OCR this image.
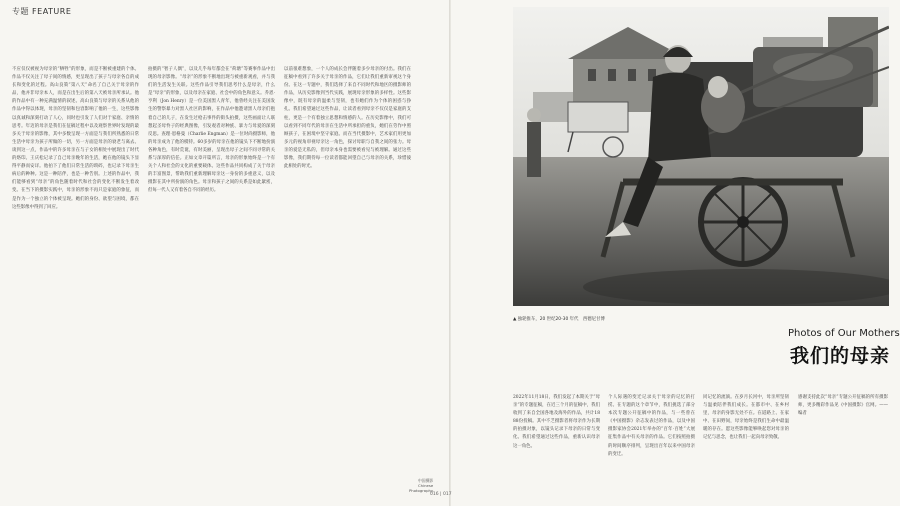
专题 FEATURE

不应仅仅被视为母亲的“牺牲”的形象，而是不断被重建的个体。作品不仅关注了母子间的情感，更呈现出了孩子与母亲各自的成长和变化的过程。高山良策“第八天”命名了自己关于母亲的作品，他并非母亲本人，而是在出生后的第八天被母亲所承认。他的作品中有一种充满温情的叙述。高山良策与母亲的关系从他的作品中得以体现，母亲的坚韧和包容影响了他的一生，这些影像以真诚和深刻打动了人心，同时也引发了人们对于家庭、亲情的思考。年迈的母亲是我们在征稿过程中以及观察世界时发现的最多关于母亲的影像，其中多数呈现一方面是与我们所熟悉的日常生活中母亲为孩子所做的一切，另一方面是母亲的衰老与离去。谈到这一点，作品中的许多母亲在与子女的相处中展现出了时代的烙印。王庆松记录了自己母亲晚年的生活，她在他的镜头下显得平静而安详。他拍下了他们日常生活的琐碎，也记录下母亲生病后的种种。这是一种陪伴，也是一种告别。上述的作品中，我们能够看到“母亲”的角色随着时代和社会的变化不断发生着改变。在当下的摄影实践中，母亲的形象不再只是家庭的象征，而是作为一个独立的个体被呈现。她们的身份、欲望与困境，都在这些影像中得到了回应。

拍摄的“智子人偶”，以及几乎每年都会在“荷塘”等赛事作品中出现的母亲影像。“母亲”的形象不断地出现与被重新观看，并与我们的生活发生关联。这些作品引导我们思考什么是母亲，什么是“母亲”的形象，以及母亲在家庭、社会中的角色和意义。乔恩·亨利（Jon Henry）是一位美国黑人青年，他曾经关注在美国发生的警察暴力对黑人社区的影响，在作品中他邀请黑人母亲们抱着自己的儿子，在发生过枪击事件的街头拍摄，这些画面让人联想起圣母怜子的经典图像，引发观者对种族、暴力与母爱的深刻反思。查理·恩格曼（Charlie Engman）是一位时尚摄影师，他的母亲成为了他的模特。60多岁的母亲在他的镜头下不断地扮演各种角色，有时荒诞，有时美丽，呈现出母子之间不同寻常的关系与深厚的信任。正如文章开篇所言，母亲的形象始终是一个有关个人和社会的文化的重要载体。这些作品共同构成了关于母亲的丰富图景，帮助我们重新理解母亲这一身份的多重意义，以及摄影在其中所扮演的角色。母亲和孩子之间的关系是如此紧密，但每一代人又有着各自不同的经历。

以前很难想象，一个人的成长会伴随着多少母亲的付出。我们在征稿中看到了许多关于母亲的作品，它们让我们重新审视这个身份。在这一专题中，我们选择了来自不同时代和地区的摄影师的作品，从历史影像到当代实践，展现母亲形象的多样性。这些影像中，既有母亲的温柔与坚韧，也有她们作为个体的困惑与挣扎。我们希望通过这些作品，让读者看到母亲不仅仅是家庭的支柱，更是一个有着独立思想和情感的人。在历史影像中，我们可以看到不同年代的母亲在生活中所承担的重负，她们在劳作中照顾孩子，在困境中坚守家庭。而在当代摄影中，艺术家们用更加多元的视角审视母亲这一角色，探讨母职与自我之间的张力。母亲的爱是无私的，但母亲本身也需要被看见与被理解。通过这些影像，我们期待每一位读者都能回望自己与母亲的关系，珍惜彼此相处的时光。

中国摄影
Chinese
Photography
016 | 017
▲ 独轮推车，20 世纪20-30 年代　西德尼甘博
Photos of Our Mothers
我们的母亲

2022年11月18日，我们发起了本期关于“母亲”的专题征稿，在近三个月的征稿中，我们收到了来自全国各地及海外的作品，共计1888份投稿。其中不乏摄影者将母亲作为长期的拍摄对象，以镜头记录下母亲的日常与变化。我们希望通过这些作品，重新认识母亲这一角色。

个人际遇的变迁记录关于母亲的记忆的打捞。在专题的这个章节中，我们挑选了部分本次专题公开征稿中的作品，与一些曾在《中国摄影》杂志发表过的作品，以及中国摄影家协会2021年举办的“百年·百姓”大展征集作品中有关母亲的作品。它们按照拍摄的时间顺序排列，呈现出百年以来中国母亲的变迁。

同记忆的流淌。在岁月长河中，母亲所坚韧与温柔陪伴我们成长。在都市中、在乡村里，母亲的身影无处不在。在道路上、在家中、在田野间，母亲始终是我们生命中最温暖的存在。愿这些影像能够唤起您对母亲的记忆与思念，也让我们一起向母亲致敬。

感谢支持此次“母亲”专题公开征稿的所有摄影师，更多精彩作品见《中国摄影》官网。——编者
